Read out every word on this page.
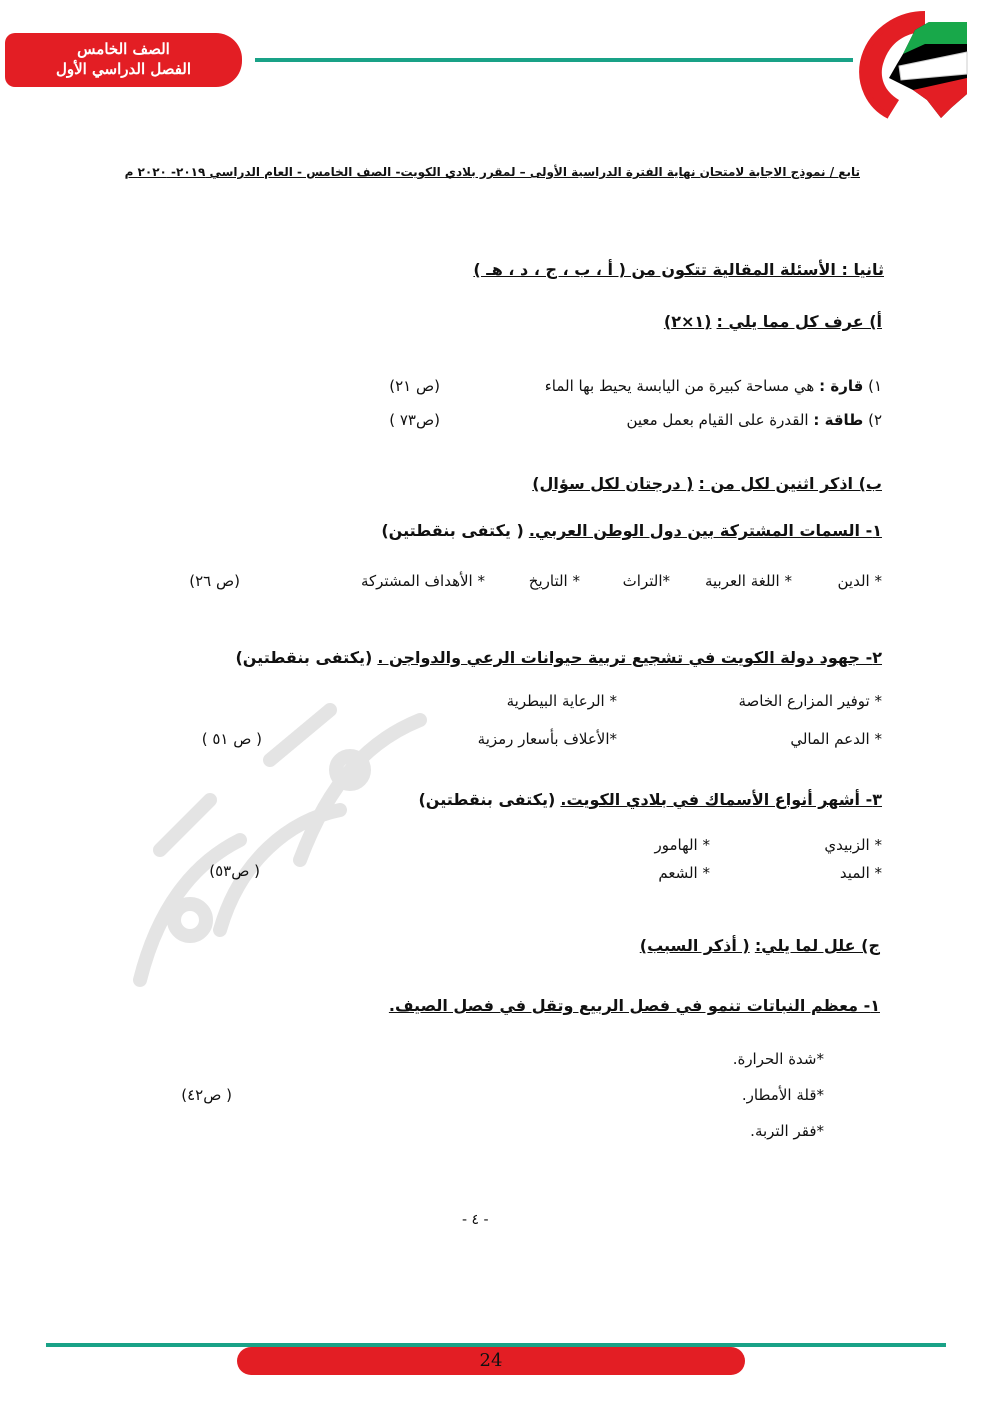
الصف الخامس
الفصل الدراسي الأول
تابع / نموذج الاجابة لامتحان نهاية الفترة الدراسية الأولى – لمقرر بلادي الكويت- الصف الخامس - العام الدراسي ٢٠١٩- ٢٠٢٠ م
ثانيا : الأسئلة المقالية تتكون من ( أ ، ب ، ج ، د ، هـ )
أ) عرف كل مما يلي : (١×٢)
١) قارة : هي مساحة كبيرة من اليابسة يحيط بها الماء
(ص ٢١)
٢) طاقة : القدرة على القيام بعمل معين
(ص٧٣ )
ب) اذكر اثنين لكل من : ( درجتان لكل سؤال)
١- السمات المشتركة بين دول الوطن العربي. ( يكتفى بنقطتين)
* الدين
* اللغة العربية
*التراث
* التاريخ
* الأهداف المشتركة
(ص ٢٦)
٢- جهود دولة الكويت في تشجيع تربية حيوانات الرعي والدواجن . (يكتفى بنقطتين)
* توفير المزارع الخاصة
* الرعاية البيطرية
* الدعم المالي
*الأعلاف بأسعار رمزية
( ص ٥١ )
٣- أشهر أنواع الأسماك في بلادي الكويت. (يكتفى بنقطتين)
* الزبيدي
* الهامور
* الميد
* الشعم
( ص٥٣)
ج) علل لما يلي: ( أذكر السبب)
١- معظم النباتات تنمو في فصل الربيع وتقل في فصل الصيف.
*شدة الحرارة.
*قلة الأمطار.
*فقر التربة.
( ص٤٢)
- ٤ -
24
